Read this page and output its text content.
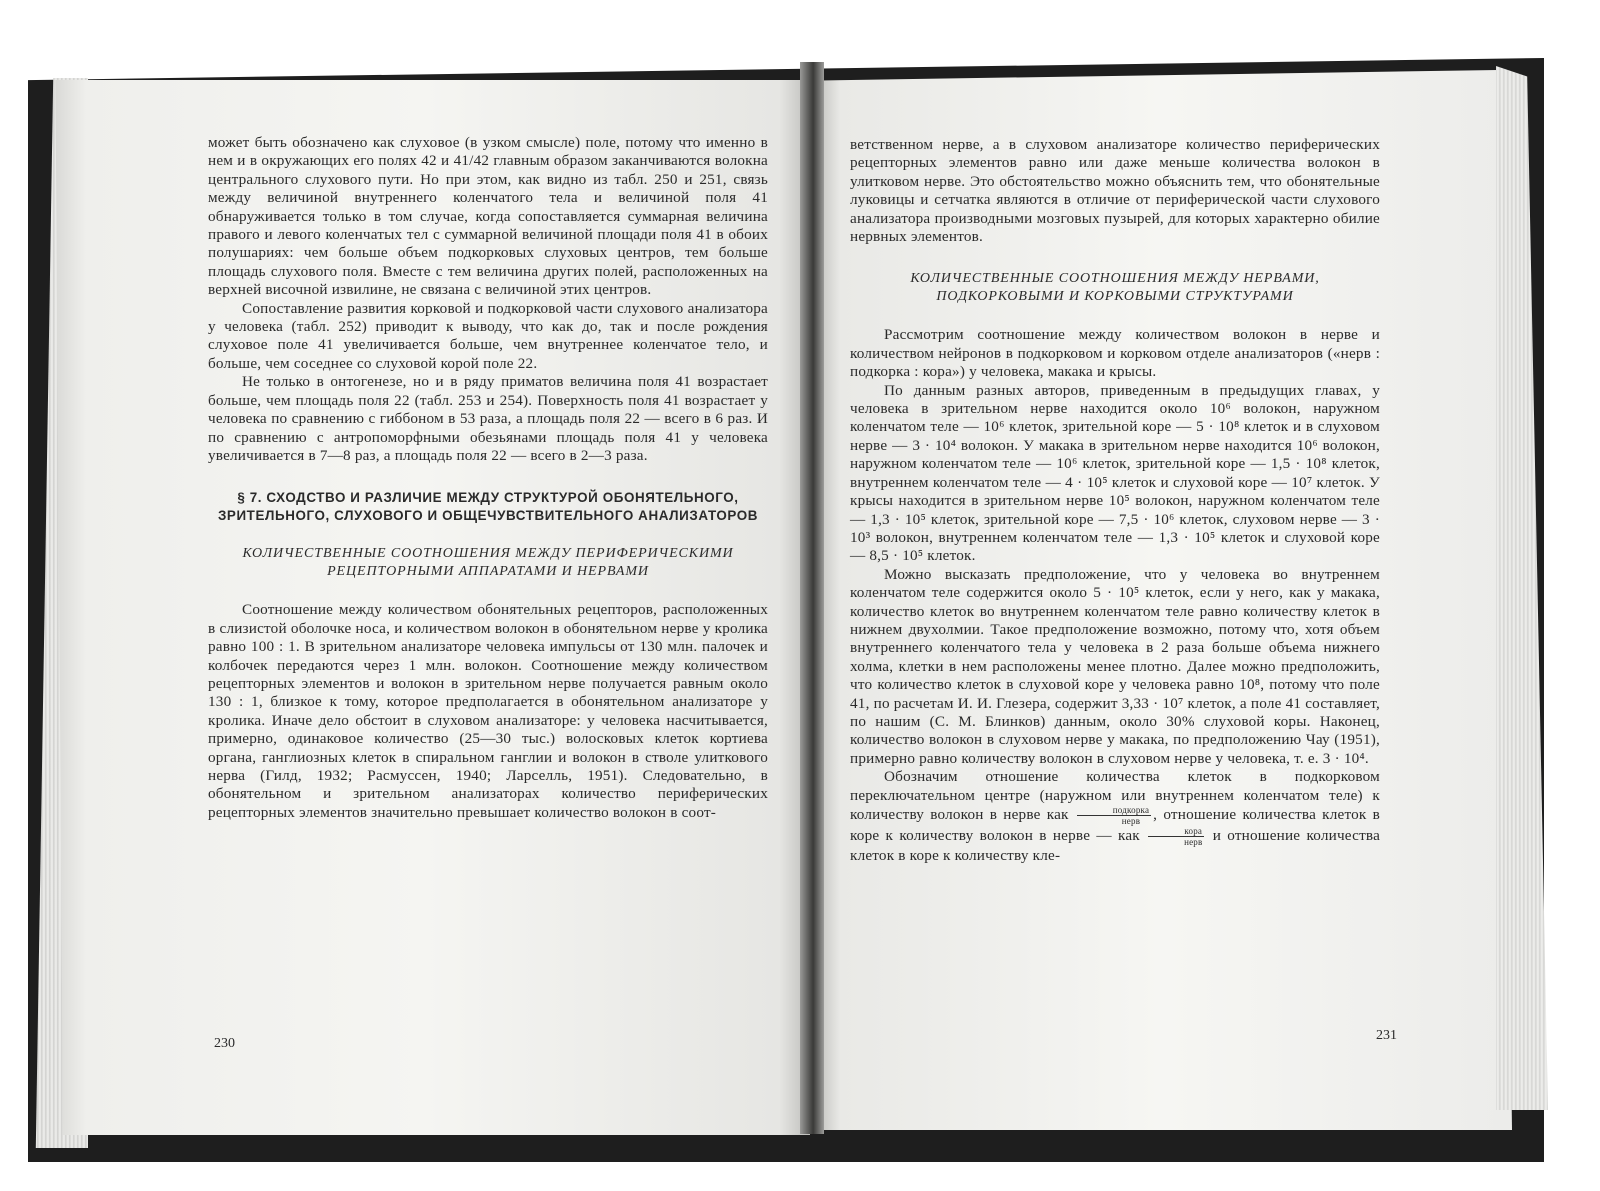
может быть обозначено как слуховое (в узком смысле) поле, потому что именно в нем и в окружающих его полях 42 и 41/42 главным образом заканчиваются волокна центрального слухового пути. Но при этом, как видно из табл. 250 и 251, связь между величиной внутреннего коленчатого тела и величиной поля 41 обнаруживается только в том случае, когда сопоставляется суммарная величина правого и левого коленчатых тел с суммарной величиной площади поля 41 в обоих полушариях: чем больше объем подкорковых слуховых центров, тем больше площадь слухового поля. Вместе с тем величина других полей, расположенных на верхней височной извилине, не связана с величиной этих центров.

Сопоставление развития корковой и подкорковой части слухового анализатора у человека (табл. 252) приводит к выводу, что как до, так и после рождения слуховое поле 41 увеличивается больше, чем внутреннее коленчатое тело, и больше, чем соседнее со слуховой корой поле 22.

Не только в онтогенезе, но и в ряду приматов величина поля 41 возрастает больше, чем площадь поля 22 (табл. 253 и 254). Поверхность поля 41 возрастает у человека по сравнению с гиббоном в 53 раза, а площадь поля 22 — всего в 6 раз. И по сравнению с антропоморфными обезьянами площадь поля 41 у человека увеличивается в 7—8 раз, а площадь поля 22 — всего в 2—3 раза.

§ 7. СХОДСТВО И РАЗЛИЧИЕ МЕЖДУ СТРУКТУРОЙ ОБОНЯТЕЛЬНОГО, ЗРИТЕЛЬНОГО, СЛУХОВОГО И ОБЩЕЧУВСТВИТЕЛЬНОГО АНАЛИЗАТОРОВ
КОЛИЧЕСТВЕННЫЕ СООТНОШЕНИЯ МЕЖДУ ПЕРИФЕРИЧЕСКИМИ РЕЦЕПТОРНЫМИ АППАРАТАМИ И НЕРВАМИ

Соотношение между количеством обонятельных рецепторов, расположенных в слизистой оболочке носа, и количеством волокон в обонятельном нерве у кролика равно 100 : 1. В зрительном анализаторе человека импульсы от 130 млн. палочек и колбочек передаются через 1 млн. волокон. Соотношение между количеством рецепторных элементов и волокон в зрительном нерве получается равным около 130 : 1, близкое к тому, которое предполагается в обонятельном анализаторе у кролика. Иначе дело обстоит в слуховом анализаторе: у человека насчитывается, примерно, одинаковое количество (25—30 тыс.) волосковых клеток кортиева органа, ганглиозных клеток в спиральном ганглии и волокон в стволе улиткового нерва (Гилд, 1932; Расмуссен, 1940; Ларселль, 1951). Следовательно, в обонятельном и зрительном анализаторах количество периферических рецепторных элементов значительно превышает количество волокон в соот-

230

ветственном нерве, а в слуховом анализаторе количество периферических рецепторных элементов равно или даже меньше количества волокон в улитковом нерве. Это обстоятельство можно объяснить тем, что обонятельные луковицы и сетчатка являются в отличие от периферической части слухового анализатора производными мозговых пузырей, для которых характерно обилие нервных элементов.

КОЛИЧЕСТВЕННЫЕ СООТНОШЕНИЯ МЕЖДУ НЕРВАМИ, ПОДКОРКОВЫМИ И КОРКОВЫМИ СТРУКТУРАМИ

Рассмотрим соотношение между количеством волокон в нерве и количеством нейронов в подкорковом и корковом отделе анализаторов («нерв : подкорка : кора») у человека, макака и крысы.

По данным разных авторов, приведенным в предыдущих главах, у человека в зрительном нерве находится около 10⁶ волокон, наружном коленчатом теле — 10⁶ клеток, зрительной коре — 5 · 10⁸ клеток и в слуховом нерве — 3 · 10⁴ волокон. У макака в зрительном нерве находится 10⁶ волокон, наружном коленчатом теле — 10⁶ клеток, зрительной коре — 1,5 · 10⁸ клеток, внутреннем коленчатом теле — 4 · 10⁵ клеток и слуховой коре — 10⁷ клеток. У крысы находится в зрительном нерве 10⁵ волокон, наружном коленчатом теле — 1,3 · 10⁵ клеток, зрительной коре — 7,5 · 10⁶ клеток, слуховом нерве — 3 · 10³ волокон, внутреннем коленчатом теле — 1,3 · 10⁵ клеток и слуховой коре — 8,5 · 10⁵ клеток.

Можно высказать предположение, что у человека во внутреннем коленчатом теле содержится около 5 · 10⁵ клеток, если у него, как у макака, количество клеток во внутреннем коленчатом теле равно количеству клеток в нижнем двухолмии. Такое предположение возможно, потому что, хотя объем внутреннего коленчатого тела у человека в 2 раза больше объема нижнего холма, клетки в нем расположены менее плотно. Далее можно предположить, что количество клеток в слуховой коре у человека равно 10⁸, потому что поле 41, по расчетам И. И. Глезера, содержит 3,33 · 10⁷ клеток, а поле 41 составляет, по нашим (С. М. Блинков) данным, около 30% слуховой коры. Наконец, количество волокон в слуховом нерве у макака, по предположению Чау (1951), примерно равно количеству волокон в слуховом нерве у человека, т. е. 3 · 10⁴.

Обозначим отношение количества клеток в подкорковом переключательном центре (наружном или внутреннем коленчатом теле) к количеству волокон в нерве как $\frac{\text{подкорка}}{\text{нерв}}$ , отношение количества клеток в коре к количеству волокон в нерве — как $\frac{\text{кора}}{\text{нерв}}$ и отношение количества клеток в коре к количеству кле-

231
